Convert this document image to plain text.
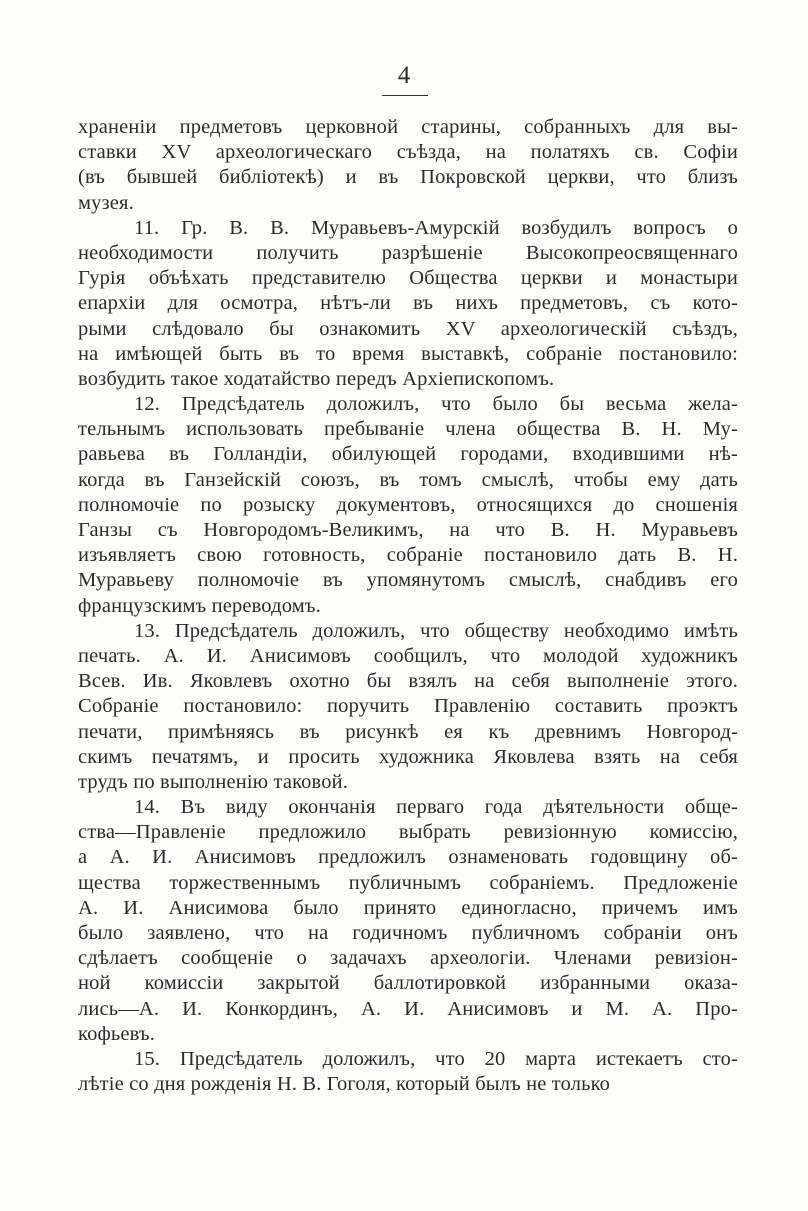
4
храненіи предметовъ церковной старины, собранныхъ для вы-
ставки XV археологическаго съѣзда, на полатяхъ св. Софіи
(въ бывшей библіотекѣ) и въ Покровской церкви, что близъ
музея.
11. Гр. В. В. Муравьевъ-Амурскій возбудилъ вопросъ о
необходимости получить разрѣшеніе Высокопреосвященнаго
Гурія объѣхать представителю Общества церкви и монастыри
епархіи для осмотра, нѣтъ-ли въ нихъ предметовъ, съ кото-
рыми слѣдовало бы ознакомить XV археологическій съѣздъ,
на имѣющей быть въ то время выставкѣ, собраніе постановило:
возбудить такое ходатайство передъ Архіепископомъ.
12. Предсѣдатель доложилъ, что было бы весьма желa-
тельнымъ использовать пребываніе члена общества В. Н. Му-
равьева въ Голландіи, обилующей городами, входившими нѣ-
когда въ Ганзейскій союзъ, въ томъ смыслѣ, чтобы ему дать
полномочіе по розыску документовъ, относящихся до сношенія
Ганзы съ Новгородомъ-Великимъ, на что В. Н. Муравьевъ
изъявляетъ свою готовность, собраніе постановило дать В. Н.
Муравьеву полномочіе въ упомянутомъ смыслѣ, снабдивъ его
французскимъ переводомъ.
13. Предсѣдатель доложилъ, что обществу необходимо имѣть
печать. А. И. Анисимовъ сообщилъ, что молодой художникъ
Всев. Ив. Яковлевъ охотно бы взялъ на себя выполненіе этого.
Собраніе постановило: поручить Правленію составить проэктъ
печати, примѣняясь въ рисункѣ ея къ древнимъ Новгород-
скимъ печатямъ, и просить художника Яковлева взять на себя
трудъ по выполненію таковой.
14. Въ виду окончанія перваго года дѣятельности обще-
ства—Правленіе предложило выбрать ревизіонную комиссію,
а А. И. Анисимовъ предложилъ ознаменовать годовщину об-
щества торжественнымъ публичнымъ собраніемъ. Предложеніе
А. И. Анисимова было принято единогласно, причемъ имъ
было заявлено, что на годичномъ публичномъ собраніи онъ
сдѣлаетъ сообщеніе о задачахъ археологіи. Членами ревизіон-
ной комиссіи закрытой баллотировкой избранными оказа-
лись—А. И. Конкординъ, А. И. Анисимовъ и М. А. Про-
кофьевъ.
15. Предсѣдатель доложилъ, что 20 марта истекаетъ сто-
лѣтіе со дня рожденія Н. В. Гоголя, который былъ не только
